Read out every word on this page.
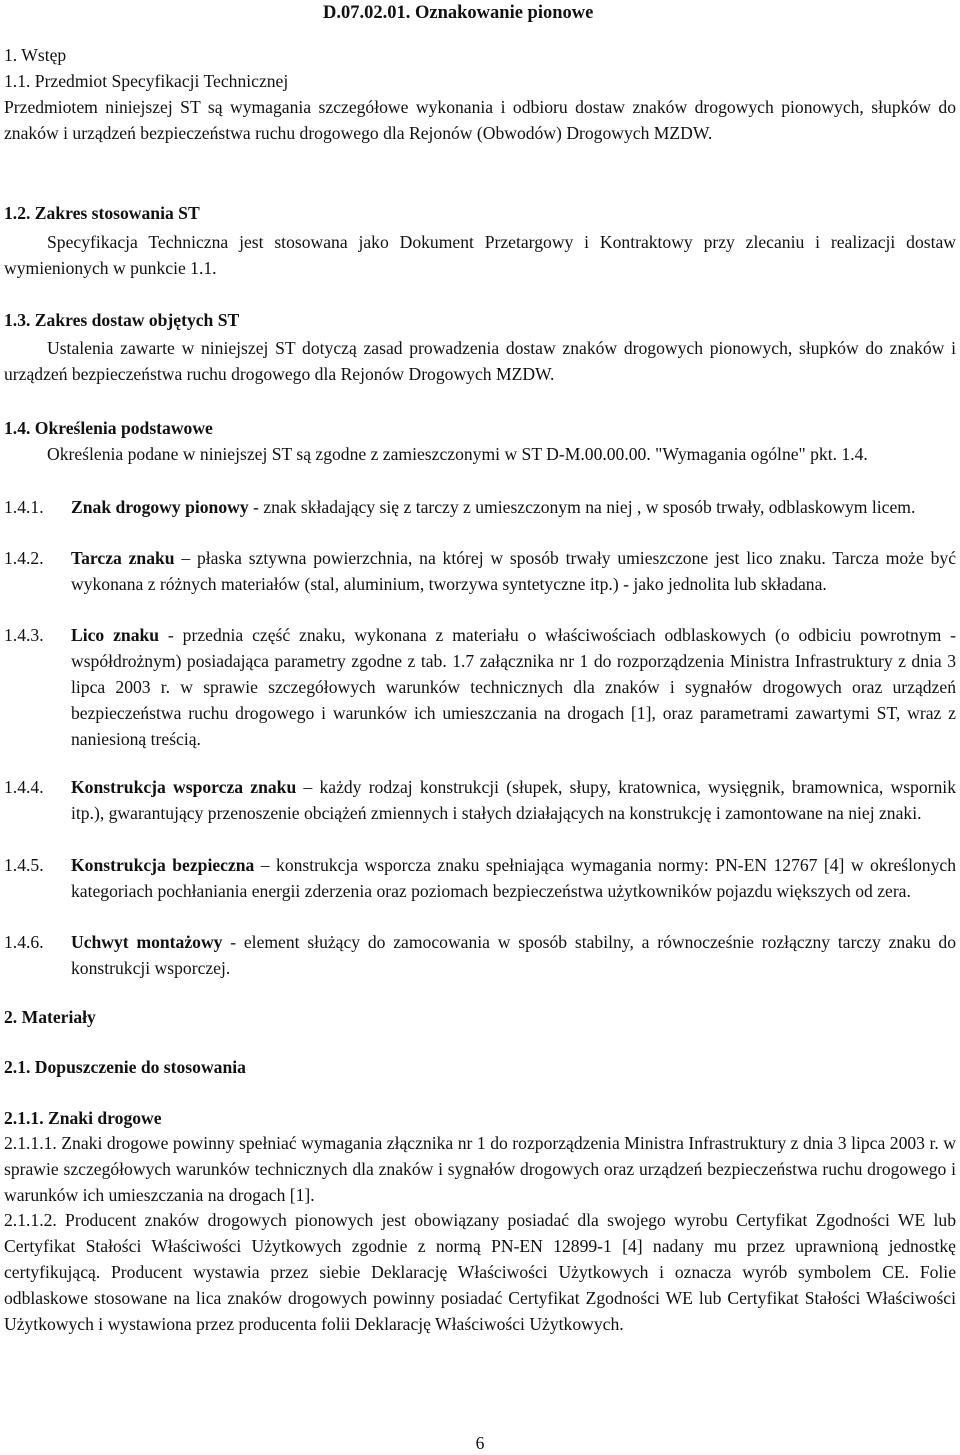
D.07.02.01. Oznakowanie pionowe
1. Wstęp
1.1. Przedmiot Specyfikacji Technicznej
Przedmiotem niniejszej ST są wymagania szczegółowe wykonania i odbioru dostaw znaków drogowych pionowych, słupków do znaków i urządzeń bezpieczeństwa ruchu drogowego dla Rejonów (Obwodów) Drogowych MZDW.
1.2. Zakres stosowania ST
Specyfikacja Techniczna jest stosowana jako Dokument Przetargowy i Kontraktowy przy zlecaniu i realizacji dostaw wymienionych w punkcie 1.1.
1.3. Zakres dostaw objętych ST
Ustalenia zawarte w niniejszej ST dotyczą zasad prowadzenia dostaw znaków drogowych pionowych, słupków do znaków i urządzeń bezpieczeństwa ruchu drogowego dla Rejonów Drogowych MZDW.
1.4. Określenia podstawowe
Określenia podane w niniejszej ST są zgodne z zamieszczonymi w ST D-M.00.00.00. "Wymagania ogólne" pkt. 1.4.
1.4.1. Znak drogowy pionowy - znak składający się z tarczy z umieszczonym na niej , w sposób trwały, odblaskowym licem.
1.4.2. Tarcza znaku – płaska sztywna powierzchnia, na której w sposób trwały umieszczone jest lico znaku. Tarcza może być wykonana z różnych materiałów (stal, aluminium, tworzywa syntetyczne itp.) - jako jednolita lub składana.
1.4.3. Lico znaku - przednia część znaku, wykonana z materiału o właściwościach odblaskowych (o odbiciu powrotnym - współdrożnym) posiadająca parametry zgodne z tab. 1.7 załącznika nr 1 do rozporządzenia Ministra Infrastruktury z dnia 3 lipca 2003 r. w sprawie szczegółowych warunków technicznych dla znaków i sygnałów drogowych oraz urządzeń bezpieczeństwa ruchu drogowego i warunków ich umieszczania na drogach [1], oraz parametrami zawartymi ST, wraz z naniesioną treścią.
1.4.4. Konstrukcja wsporcza znaku – każdy rodzaj konstrukcji (słupek, słupy, kratownica, wysięgnik, bramownica, wspornik itp.), gwarantujący przenoszenie obciążeń zmiennych i stałych działających na konstrukcję i zamontowane na niej znaki.
1.4.5. Konstrukcja bezpieczna – konstrukcja wsporcza znaku spełniająca wymagania normy: PN-EN 12767 [4] w określonych kategoriach pochłaniania energii zderzenia oraz poziomach bezpieczeństwa użytkowników pojazdu większych od zera.
1.4.6. Uchwyt montażowy - element służący do zamocowania w sposób stabilny, a równocześnie rozłączny tarczy znaku do konstrukcji wsporczej.
2. Materiały
2.1. Dopuszczenie do stosowania
2.1.1. Znaki drogowe
2.1.1.1. Znaki drogowe powinny spełniać wymagania złącznika nr 1 do rozporządzenia Ministra Infrastruktury z dnia 3 lipca 2003 r. w sprawie szczegółowych warunków technicznych dla znaków i sygnałów drogowych oraz urządzeń bezpieczeństwa ruchu drogowego i warunków ich umieszczania na drogach [1].
2.1.1.2. Producent znaków drogowych pionowych jest obowiązany posiadać dla swojego wyrobu Certyfikat Zgodności WE lub Certyfikat Stałości Właściwości Użytkowych zgodnie z normą PN-EN 12899-1 [4] nadany mu przez uprawnioną jednostkę certyfikującą. Producent wystawia przez siebie Deklarację Właściwości Użytkowych i oznacza wyrób symbolem CE. Folie odblaskowe stosowane na lica znaków drogowych powinny posiadać Certyfikat Zgodności WE lub Certyfikat Stałości Właściwości Użytkowych i wystawiona przez producenta folii Deklarację Właściwości Użytkowych.
6
